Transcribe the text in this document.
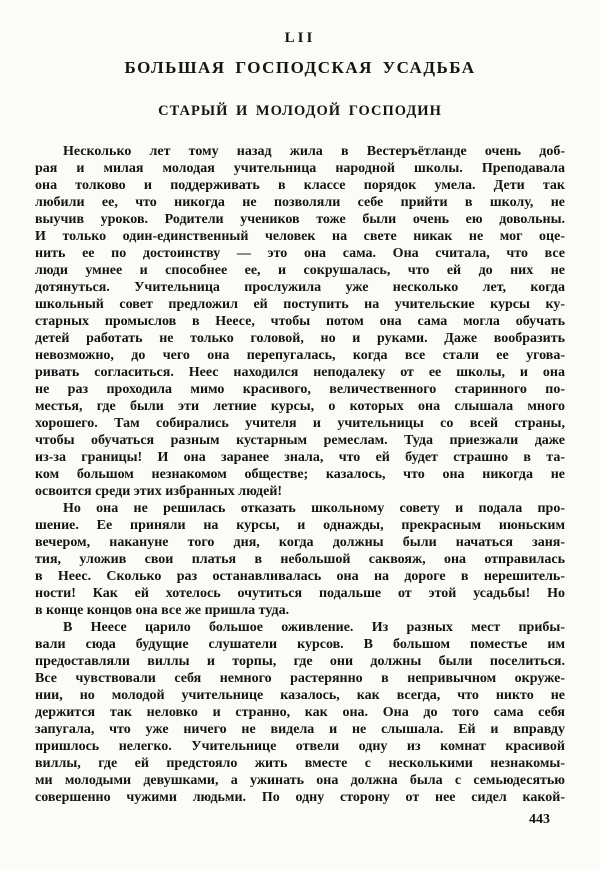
LII
БОЛЬШАЯ ГОСПОДСКАЯ УСАДЬБА
СТАРЫЙ И МОЛОДОЙ ГОСПОДИН

Несколько лет тому назад жила в Вестеръётланде очень доб-
рая и милая молодая учительница народной школы. Преподавала
она толково и поддерживать в классе порядок умела. Дети так
любили ее, что никогда не позволяли себе прийти в школу, не
выучив уроков. Родители учеников тоже были очень ею довольны.
И только один-единственный человек на свете никак не мог оце-
нить ее по достоинству — это она сама. Она считала, что все
люди умнее и способнее ее, и сокрушалась, что ей до них не
дотянуться. Учительница прослужила уже несколько лет, когда
школьный совет предложил ей поступить на учительские курсы ку-
старных промыслов в Неесе, чтобы потом она сама могла обучать
детей работать не только головой, но и руками. Даже вообразить
невозможно, до чего она перепугалась, когда все стали ее угова-
ривать согласиться. Неес находился неподалеку от ее школы, и она
не раз проходила мимо красивого, величественного старинного по-
местья, где были эти летние курсы, о которых она слышала много
хорошего. Там собирались учителя и учительницы со всей страны,
чтобы обучаться разным кустарным ремеслам. Туда приезжали даже
из-за границы! И она заранее знала, что ей будет страшно в та-
ком большом незнакомом обществе; казалось, что она никогда не
освоится среди этих избранных людей!

Но она не решилась отказать школьному совету и подала про-
шение. Ее приняли на курсы, и однажды, прекрасным июньским
вечером, накануне того дня, когда должны были начаться заня-
тия, уложив свои платья в небольшой саквояж, она отправилась
в Неес. Сколько раз останавливалась она на дороге в нерешитель-
ности! Как ей хотелось очутиться подальше от этой усадьбы! Но
в конце концов она все же пришла туда.

В Неесе царило большое оживление. Из разных мест прибы-
вали сюда будущие слушатели курсов. В большом поместье им
предоставляли виллы и торпы, где они должны были поселиться.
Все чувствовали себя немного растерянно в непривычном окруже-
нии, но молодой учительнице казалось, как всегда, что никто не
держится так неловко и странно, как она. Она до того сама себя
запугала, что уже ничего не видела и не слышала. Ей и вправду
пришлось нелегко. Учительнице отвели одну из комнат красивой
виллы, где ей предстояло жить вместе с несколькими незнакомы-
ми молодыми девушками, а ужинать она должна была с семьюдесятью
совершенно чужими людьми. По одну сторону от нее сидел какой-

443
